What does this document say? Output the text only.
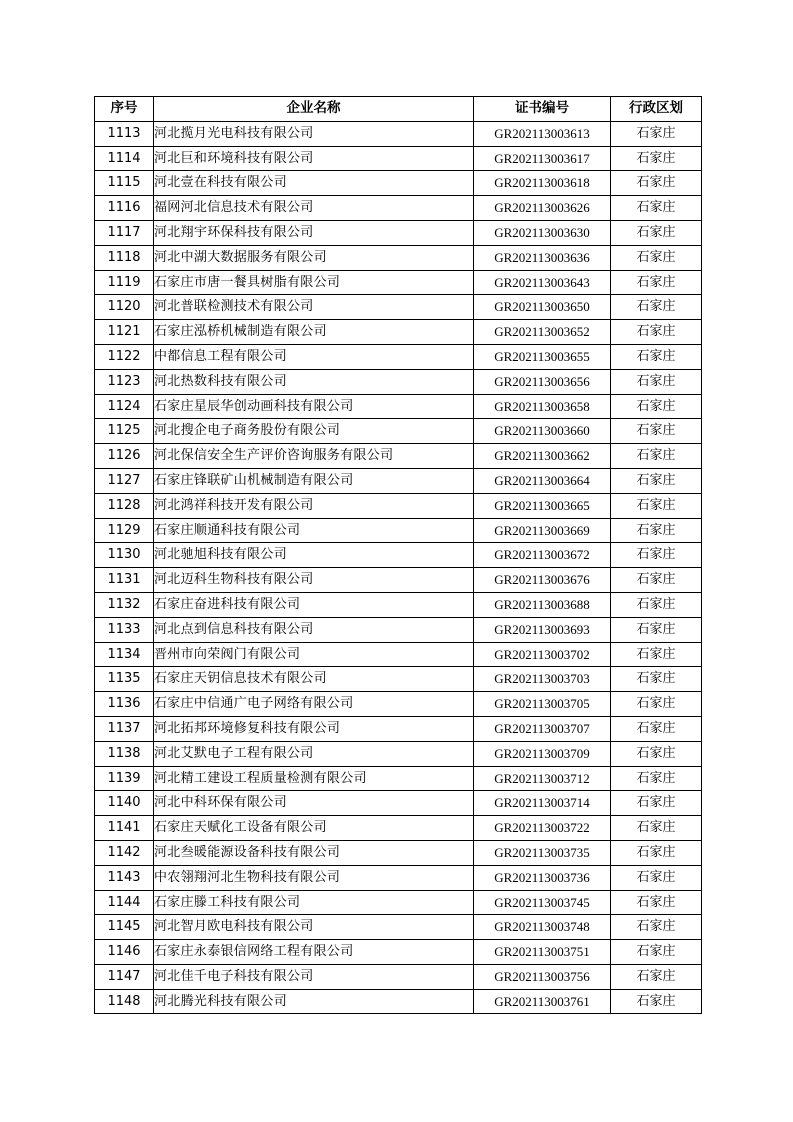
序号	企业名称	证书编号	行政区划
1113	河北揽月光电科技有限公司	GR202113003613	石家庄
1114	河北巨和环境科技有限公司	GR202113003617	石家庄
1115	河北壹在科技有限公司	GR202113003618	石家庄
1116	福网河北信息技术有限公司	GR202113003626	石家庄
1117	河北翔宇环保科技有限公司	GR202113003630	石家庄
1118	河北中湖大数据服务有限公司	GR202113003636	石家庄
1119	石家庄市唐一餐具树脂有限公司	GR202113003643	石家庄
1120	河北普联检测技术有限公司	GR202113003650	石家庄
1121	石家庄泓桥机械制造有限公司	GR202113003652	石家庄
1122	中都信息工程有限公司	GR202113003655	石家庄
1123	河北热数科技有限公司	GR202113003656	石家庄
1124	石家庄星辰华创动画科技有限公司	GR202113003658	石家庄
1125	河北搜企电子商务股份有限公司	GR202113003660	石家庄
1126	河北保信安全生产评价咨询服务有限公司	GR202113003662	石家庄
1127	石家庄锋联矿山机械制造有限公司	GR202113003664	石家庄
1128	河北鸿祥科技开发有限公司	GR202113003665	石家庄
1129	石家庄顺通科技有限公司	GR202113003669	石家庄
1130	河北驰旭科技有限公司	GR202113003672	石家庄
1131	河北迈科生物科技有限公司	GR202113003676	石家庄
1132	石家庄奋进科技有限公司	GR202113003688	石家庄
1133	河北点到信息科技有限公司	GR202113003693	石家庄
1134	晋州市向荣阀门有限公司	GR202113003702	石家庄
1135	石家庄天钥信息技术有限公司	GR202113003703	石家庄
1136	石家庄中信通广电子网络有限公司	GR202113003705	石家庄
1137	河北拓邦环境修复科技有限公司	GR202113003707	石家庄
1138	河北艾默电子工程有限公司	GR202113003709	石家庄
1139	河北精工建设工程质量检测有限公司	GR202113003712	石家庄
1140	河北中科环保有限公司	GR202113003714	石家庄
1141	石家庄天赋化工设备有限公司	GR202113003722	石家庄
1142	河北叁暖能源设备科技有限公司	GR202113003735	石家庄
1143	中农翎翔河北生物科技有限公司	GR202113003736	石家庄
1144	石家庄滕工科技有限公司	GR202113003745	石家庄
1145	河北智月欧电科技有限公司	GR202113003748	石家庄
1146	石家庄永泰银信网络工程有限公司	GR202113003751	石家庄
1147	河北佳千电子科技有限公司	GR202113003756	石家庄
1148	河北腾光科技有限公司	GR202113003761	石家庄
